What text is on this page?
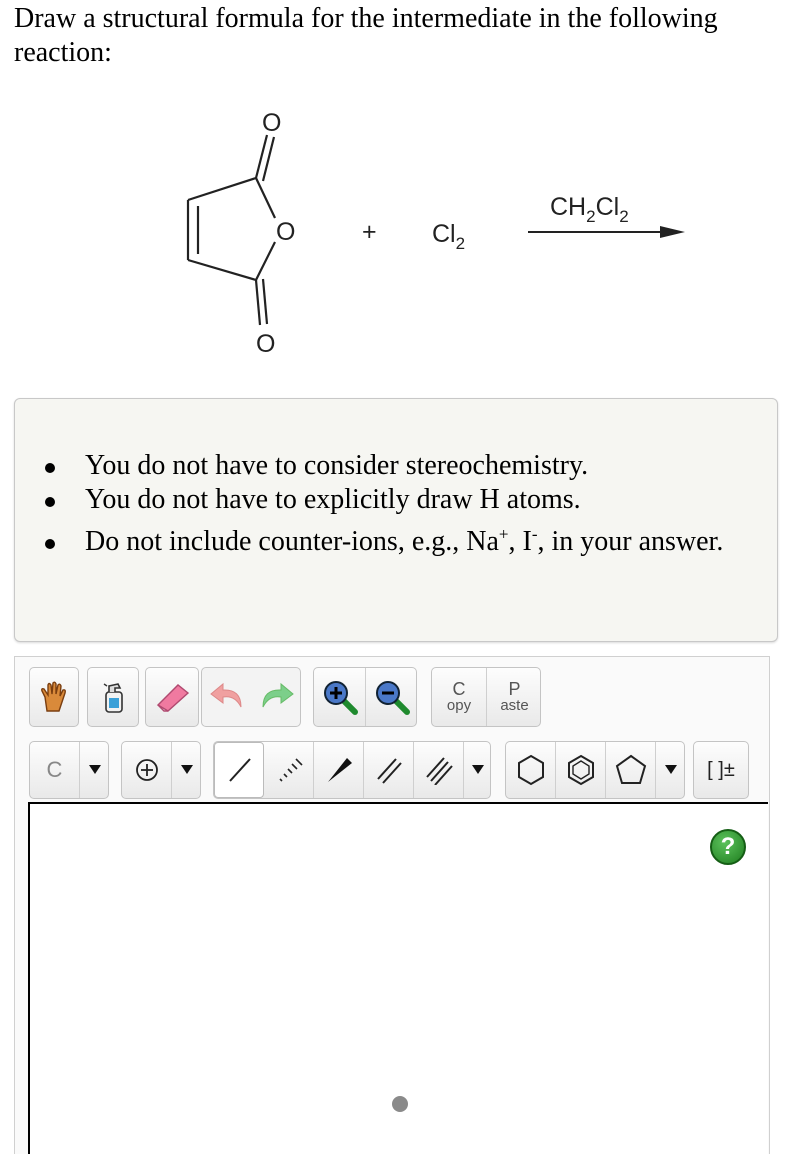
Draw a structural formula for the intermediate in the following reaction:

O
O
O
+ $Cl_2$
$CH_2Cl_2$
You do not have to consider stereochemistry.
You do not have to explicitly draw H atoms.
Do not include counter-ions, e.g., Na+, I-, in your answer.
C
opy
P
aste
C	[ ]±
?
